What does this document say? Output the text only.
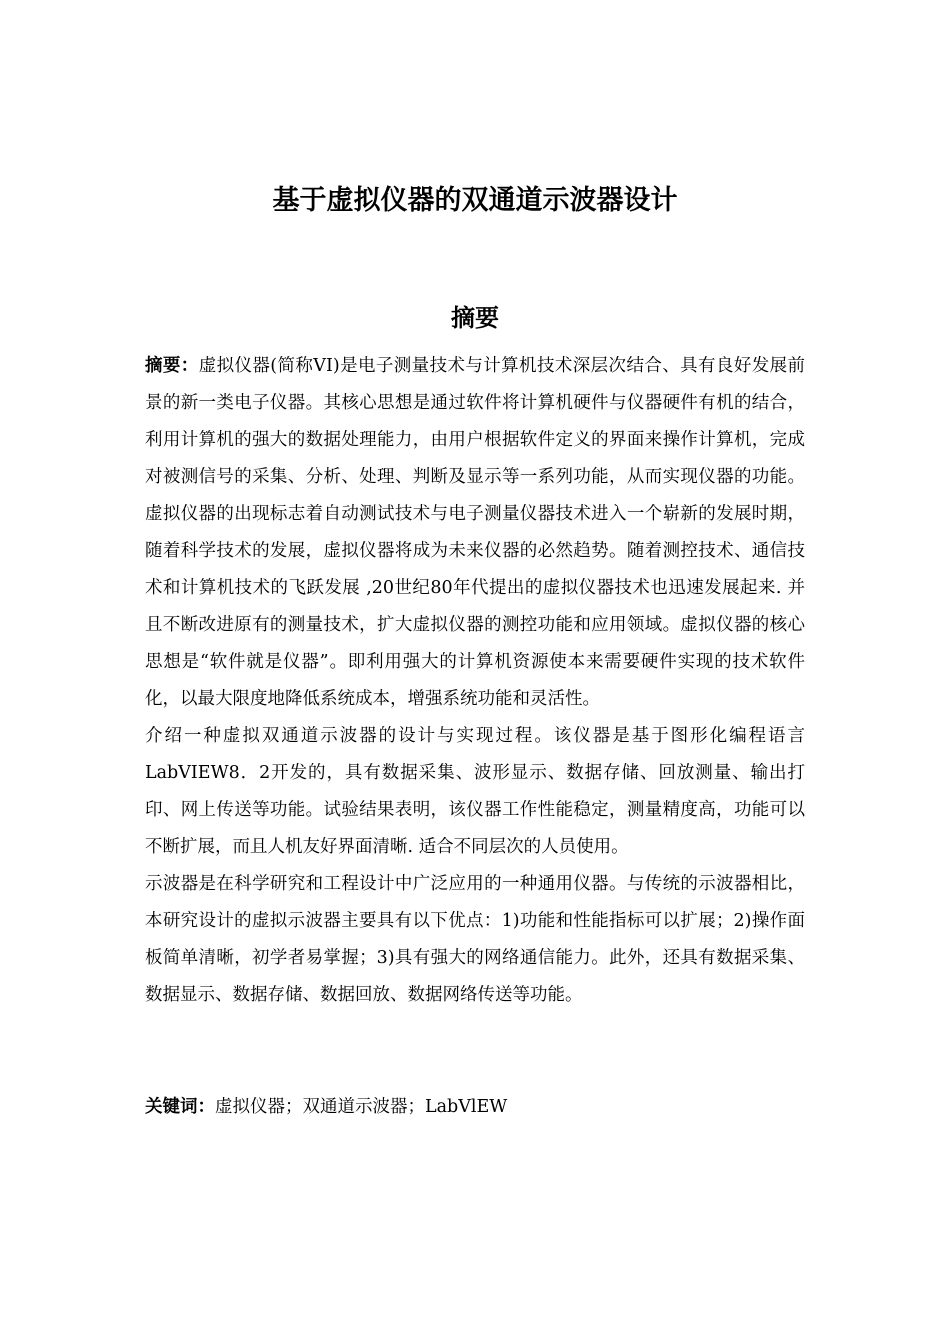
基于虚拟仪器的双通道示波器设计
摘要

摘要：虚拟仪器(简称VI)是电子测量技术与计算机技术深层次结合、具有良好发展前景的新一类电子仪器。其核心思想是通过软件将计算机硬件与仪器硬件有机的结合，利用计算机的强大的数据处理能力，由用户根据软件定义的界面来操作计算机，完成对被测信号的采集、分析、处理、判断及显示等一系列功能，从而实现仪器的功能。虚拟仪器的出现标志着自动测试技术与电子测量仪器技术进入一个崭新的发展时期，随着科学技术的发展，虚拟仪器将成为未来仪器的必然趋势。随着测控技术、通信技术和计算机技术的飞跃发展 ,20世纪80年代提出的虚拟仪器技术也迅速发展起来. 并且不断改进原有的测量技术，扩大虚拟仪器的测控功能和应用领域。虚拟仪器的核心思想是“软件就是仪器”。即利用强大的计算机资源使本来需要硬件实现的技术软件化，以最大限度地降低系统成本，增强系统功能和灵活性。

介绍一种虚拟双通道示波器的设计与实现过程。该仪器是基于图形化编程语言LabVIEW8．2开发的，具有数据采集、波形显示、数据存储、回放测量、输出打印、网上传送等功能。试验结果表明，该仪器工作性能稳定，测量精度高，功能可以不断扩展，而且人机友好界面清晰. 适合不同层次的人员使用。

示波器是在科学研究和工程设计中广泛应用的一种通用仪器。与传统的示波器相比，本研究设计的虚拟示波器主要具有以下优点：1)功能和性能指标可以扩展；2)操作面板简单清晰，初学者易掌握；3)具有强大的网络通信能力。此外，还具有数据采集、数据显示、数据存储、数据回放、数据网络传送等功能。

关键词：虚拟仪器；双通道示波器；LabVlEW
